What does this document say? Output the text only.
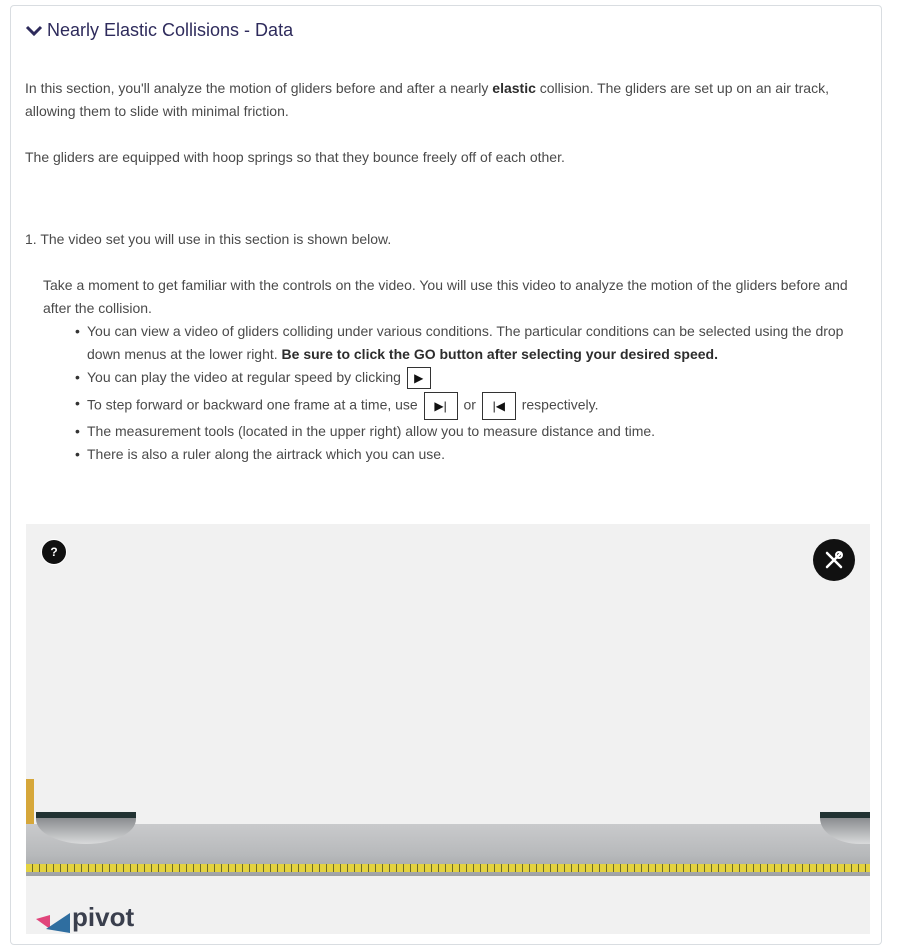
Nearly Elastic Collisions - Data
In this section, you'll analyze the motion of gliders before and after a nearly elastic collision. The gliders are set up on an air track, allowing them to slide with minimal friction.
The gliders are equipped with hoop springs so that they bounce freely off of each other.
1. The video set you will use in this section is shown below.
Take a moment to get familiar with the controls on the video. You will use this video to analyze the motion of the gliders before and after the collision.
• You can view a video of gliders colliding under various conditions. The particular conditions can be selected using the drop down menus at the lower right. Be sure to click the GO button after selecting your desired speed.
• You can play the video at regular speed by clicking ▶
• To step forward or backward one frame at a time, use ▶| or |◀ respectively.
• The measurement tools (located in the upper right) allow you to measure distance and time.
• There is also a ruler along the airtrack which you can use.
?
pivot
